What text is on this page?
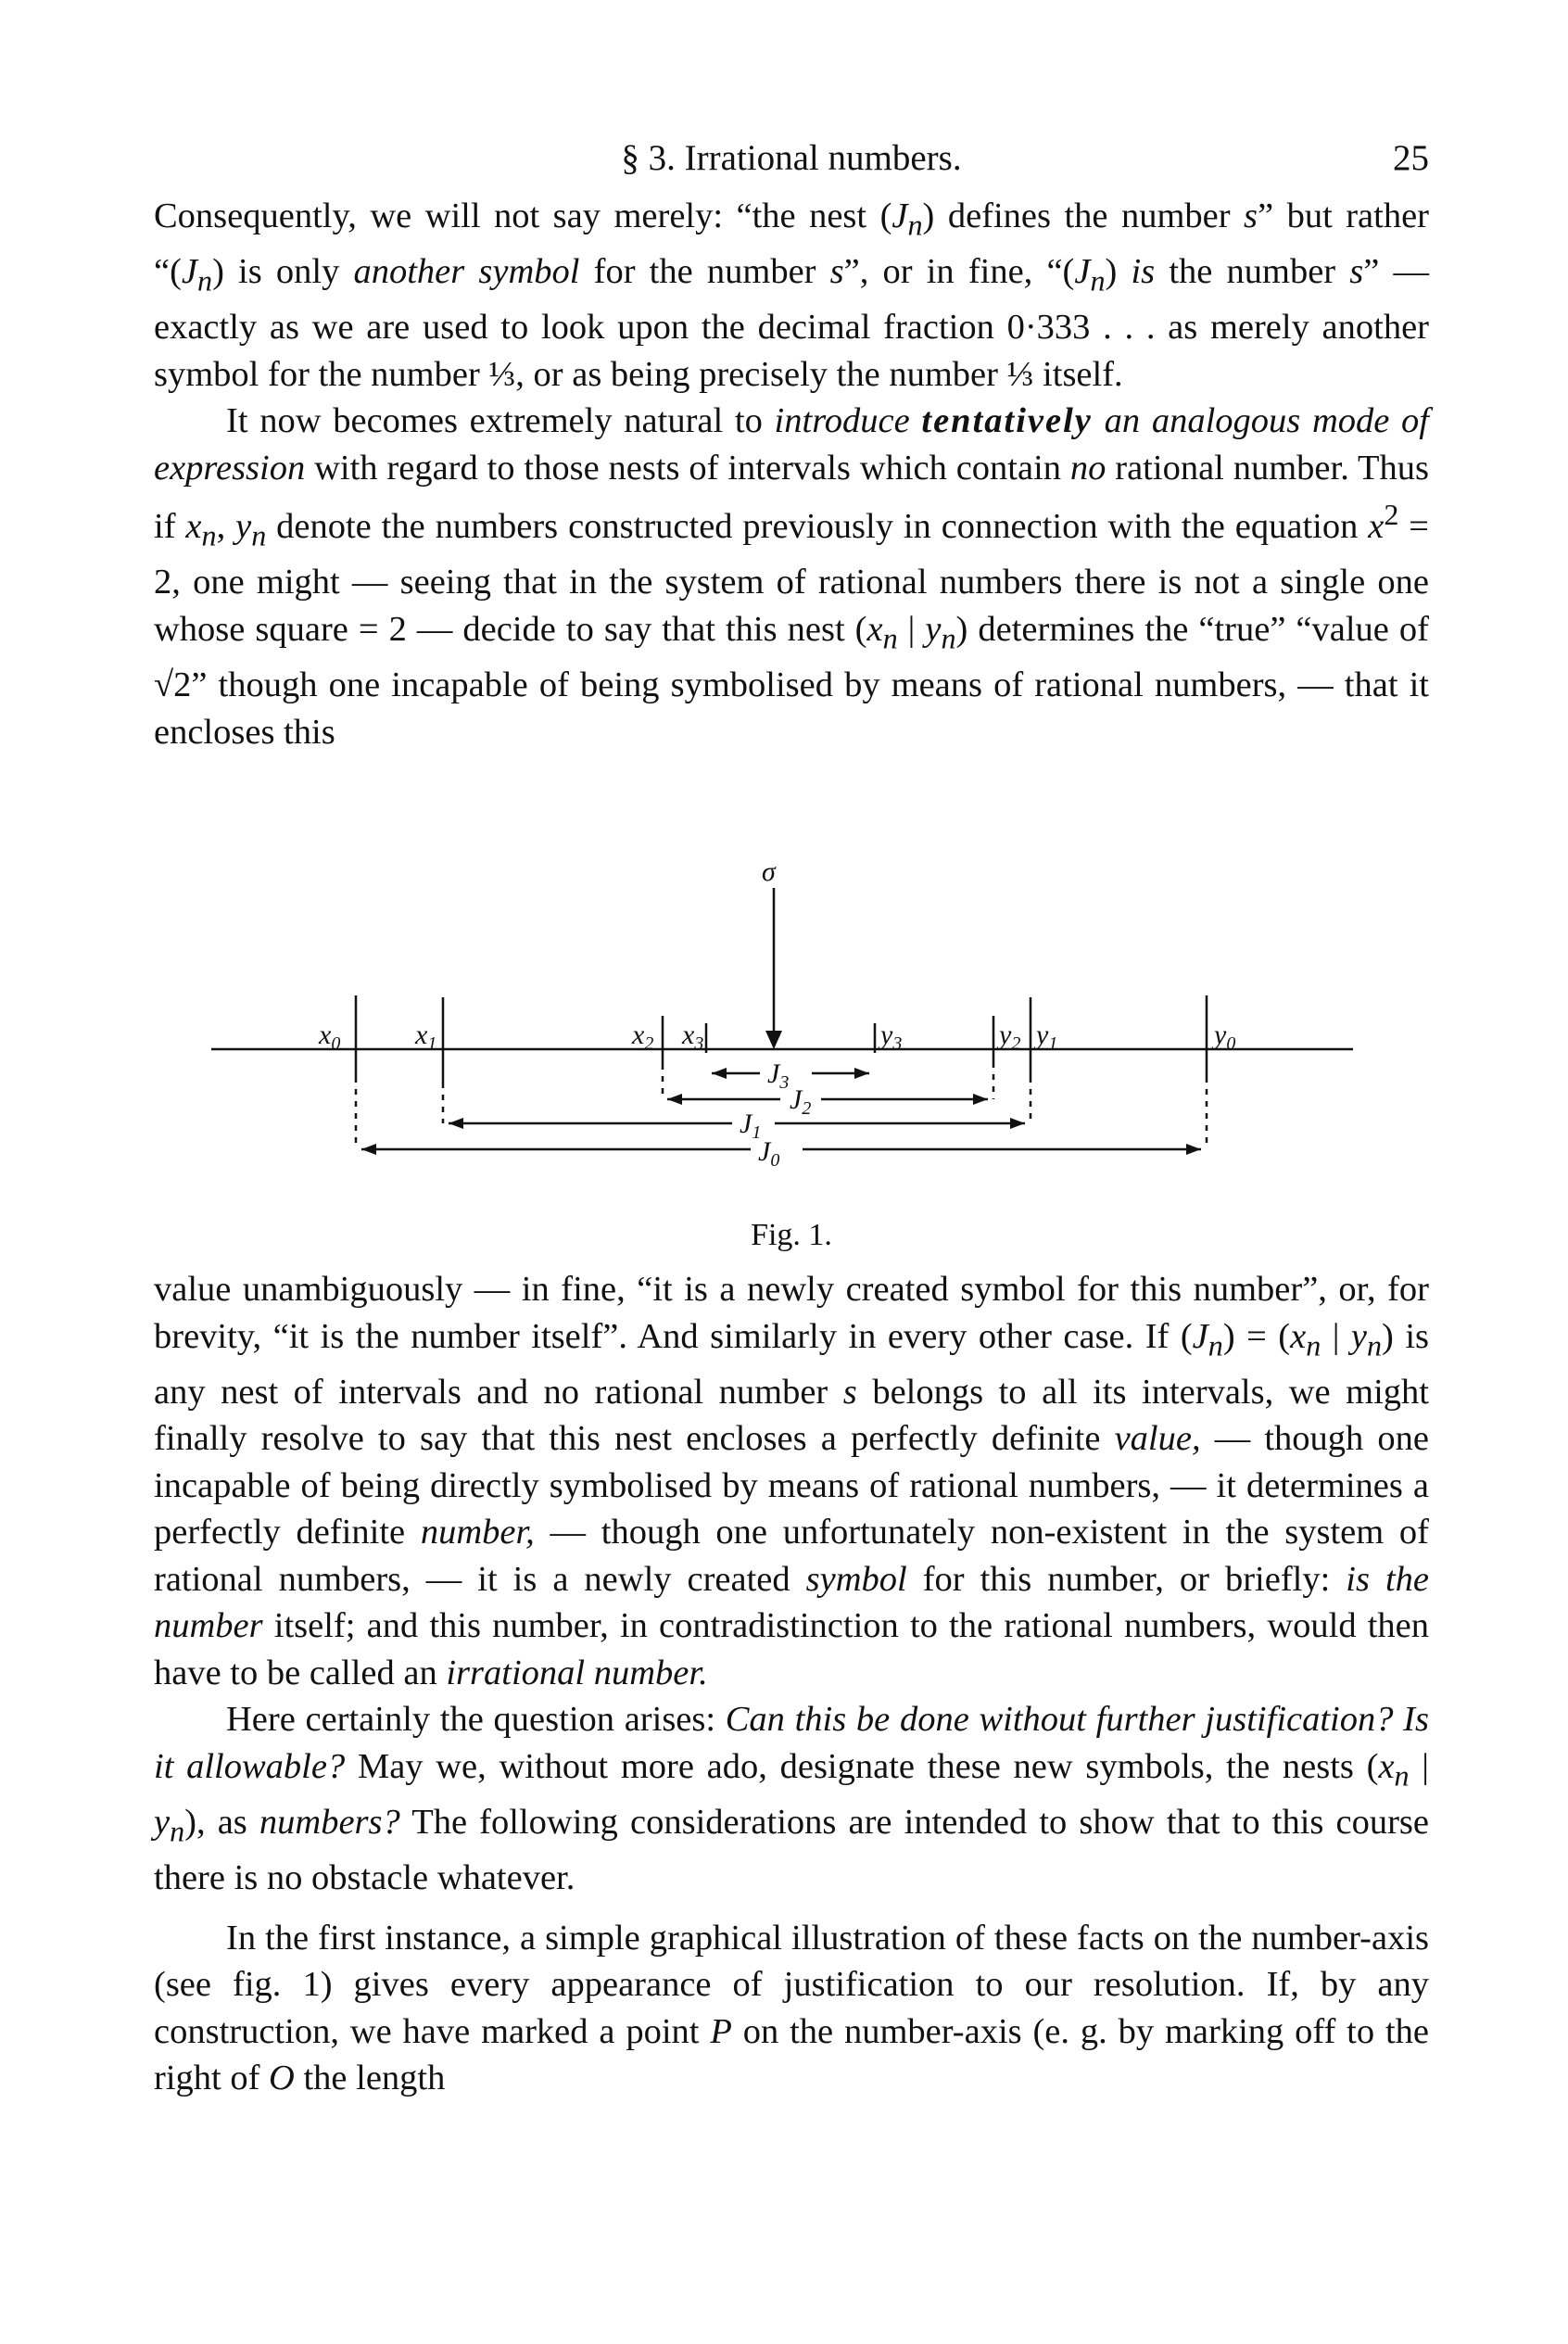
§ 3. Irrational numbers.	25

Consequently, we will not say merely: “the nest $(J_n)$ defines the number s” but rather “$(J_n)$ is only another symbol for the number s”, or in fine, “$(J_n)$ is the number s” — exactly as we are used to look upon the decimal fraction 0·333 . . . as merely another symbol for the number ⅓, or as being precisely the number ⅓ itself.

It now becomes extremely natural to introduce tentatively an analogous mode of expression with regard to those nests of intervals which contain no rational number. Thus if $x_n$, $y_n$ denote the numbers constructed previously in connection with the equation $x^2 = 2$, one might — seeing that in the system of rational numbers there is not a single one whose square = 2 — decide to say that this nest ($x_n$ | $y_n$) determines the “true” “value of √2” though one incapable of being symbolised by means of rational numbers, — that it encloses this

σ
$x_0$	$x_1$	$x_2$ $x_3$	$y_3$	$y_2$ $y_1$	$y_0$
$J_3$
$J_2$
$J_1$
$J_0$
Fig. 1.

value unambiguously — in fine, “it is a newly created symbol for this number”, or, for brevity, “it is the number itself”. And similarly in every other case. If $(J_n) = (x_n$ | $y_n$) is any nest of intervals and no rational number s belongs to all its intervals, we might finally resolve to say that this nest encloses a perfectly definite value, — though one incapable of being directly symbolised by means of rational numbers, — it determines a perfectly definite number, — though one unfortunately non-existent in the system of rational numbers, — it is a newly created symbol for this number, or briefly: is the number itself; and this number, in contradistinction to the rational numbers, would then have to be called an irrational number.

Here certainly the question arises: Can this be done without further justification? Is it allowable? May we, without more ado, designate these new symbols, the nests ($x_n$ | $y_n$), as numbers? The following considerations are intended to show that to this course there is no obstacle whatever.

In the first instance, a simple graphical illustration of these facts on the number-axis (see fig. 1) gives every appearance of justification to our resolution. If, by any construction, we have marked a point P on the number-axis (e. g. by marking off to the right of O the length
